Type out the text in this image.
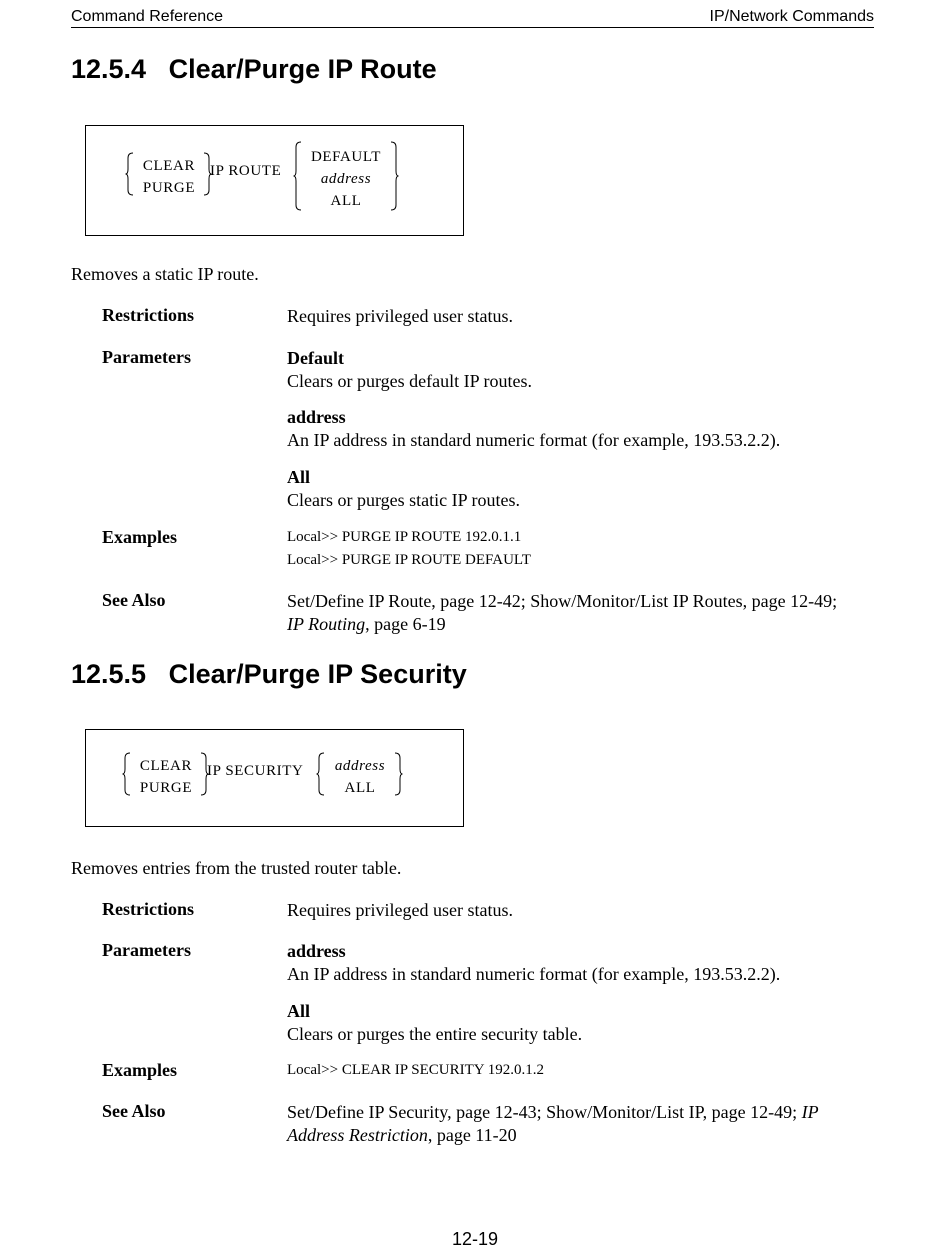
Command Reference	IP/Network Commands
12.5.4 Clear/Purge IP Route
CLEAR
PURGE
IP ROUTE
DEFAULT
address
ALL
Removes a static IP route.
Restrictions	Requires privileged user status.
Parameters	Default
Clears or purges default IP routes.
address
An IP address in standard numeric format (for example, 193.53.2.2).
All
Clears or purges static IP routes.
Examples	Local>> PURGE IP ROUTE 192.0.1.1
Local>> PURGE IP ROUTE DEFAULT
See Also	Set/Define IP Route, page 12-42; Show/Monitor/List IP Routes, page 12-49;
IP Routing, page 6-19
12.5.5 Clear/Purge IP Security
CLEAR
PURGE
IP SECURITY	address
ALL
Removes entries from the trusted router table.
Restrictions	Requires privileged user status.
Parameters	address
An IP address in standard numeric format (for example, 193.53.2.2).
All
Clears or purges the entire security table.
Examples	Local>> CLEAR IP SECURITY 192.0.1.2
See Also	Set/Define IP Security, page 12-43; Show/Monitor/List IP, page 12-49; IP
Address Restriction, page 11-20
12-19
